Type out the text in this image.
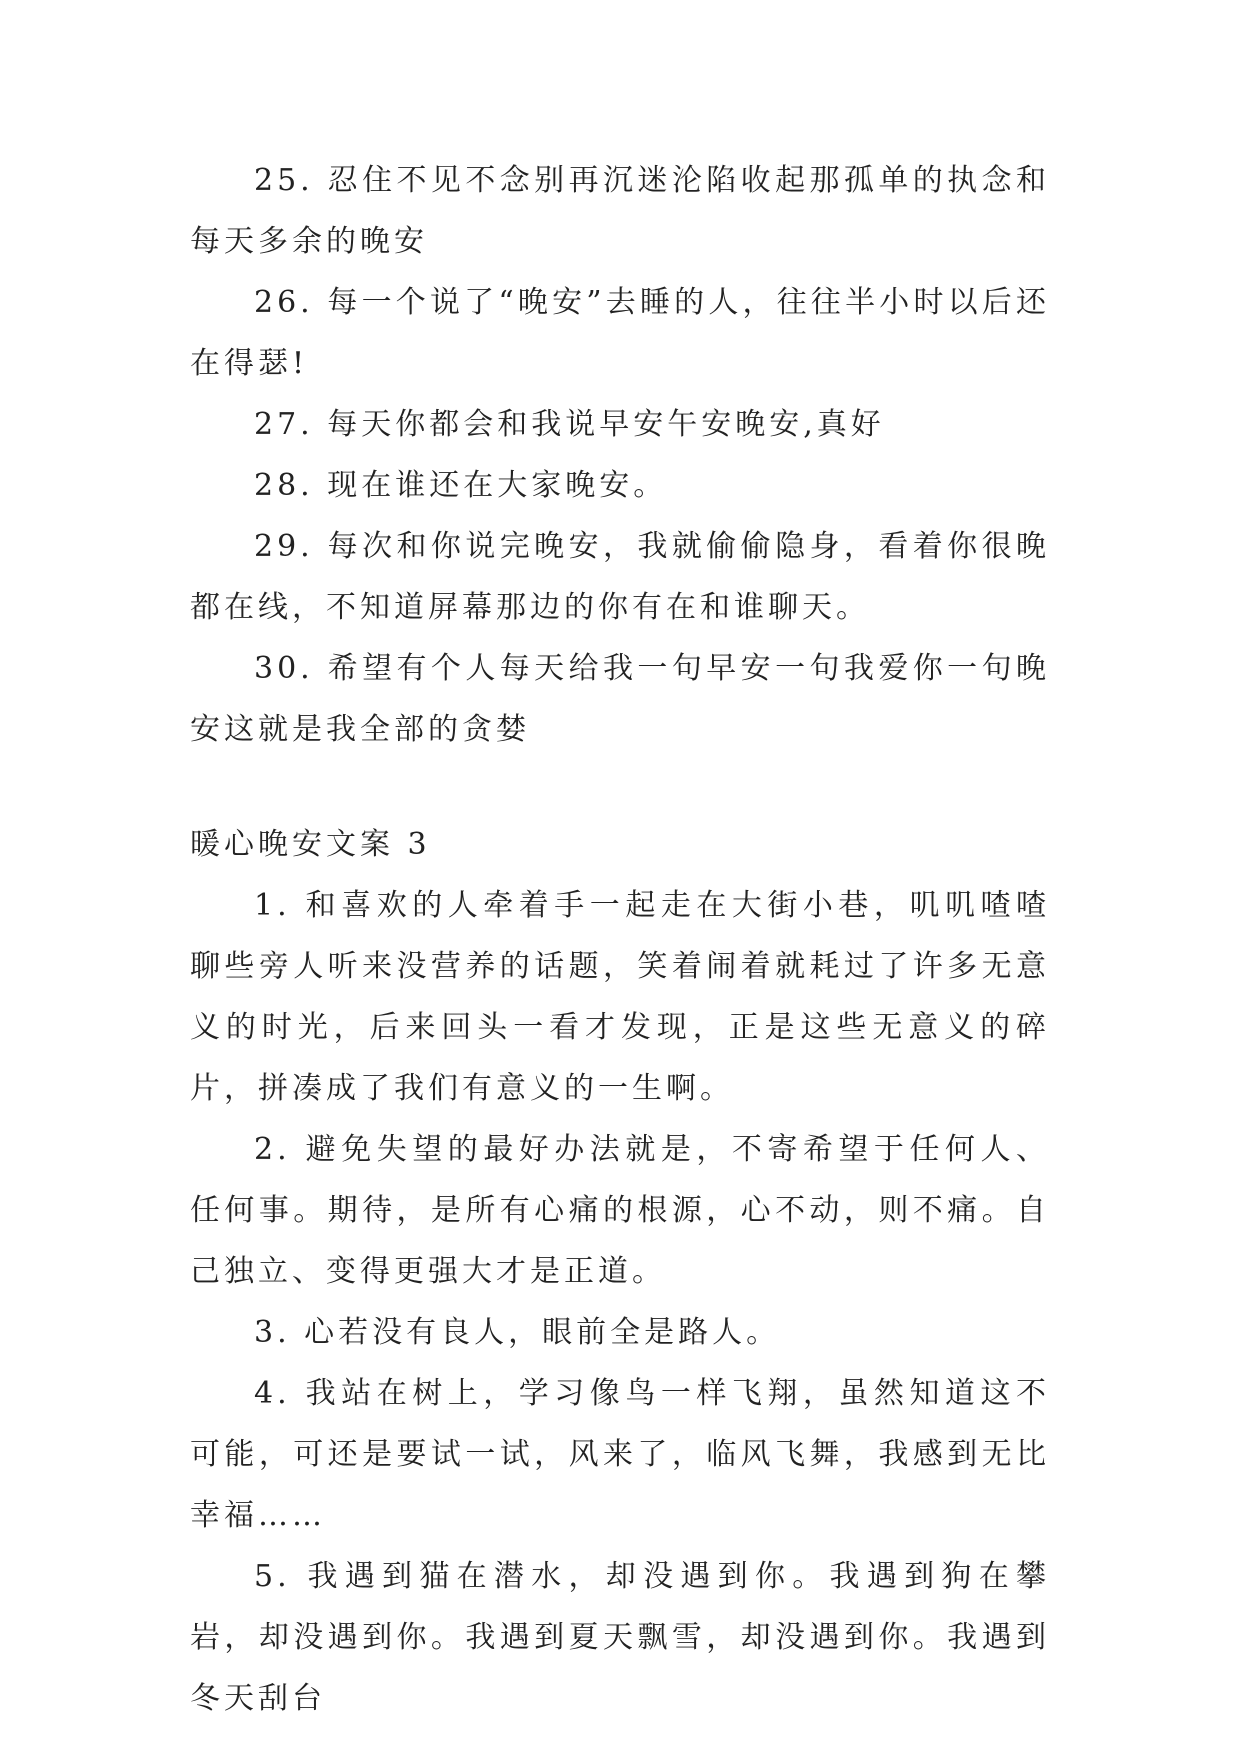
25. 忍住不见不念别再沉迷沦陷收起那孤单的执念和每天多余的晚安

26. 每一个说了“晚安”去睡的人，往往半小时以后还在得瑟!

27. 每天你都会和我说早安午安晚安,真好

28. 现在谁还在大家晚安。

29. 每次和你说完晚安，我就偷偷隐身，看着你很晚都在线，不知道屏幕那边的你有在和谁聊天。

30. 希望有个人每天给我一句早安一句我爱你一句晚安这就是我全部的贪婪

暖心晚安文案 3

1. 和喜欢的人牵着手一起走在大街小巷，叽叽喳喳聊些旁人听来没营养的话题，笑着闹着就耗过了许多无意义的时光，后来回头一看才发现，正是这些无意义的碎片，拼凑成了我们有意义的一生啊。

2. 避免失望的最好办法就是，不寄希望于任何人、任何事。期待，是所有心痛的根源，心不动，则不痛。自己独立、变得更强大才是正道。

3. 心若没有良人，眼前全是路人。

4. 我站在树上，学习像鸟一样飞翔，虽然知道这不可能，可还是要试一试，风来了，临风飞舞，我感到无比幸福……

5. 我遇到猫在潜水，却没遇到你。我遇到狗在攀岩，却没遇到你。我遇到夏天飘雪，却没遇到你。我遇到冬天刮台
